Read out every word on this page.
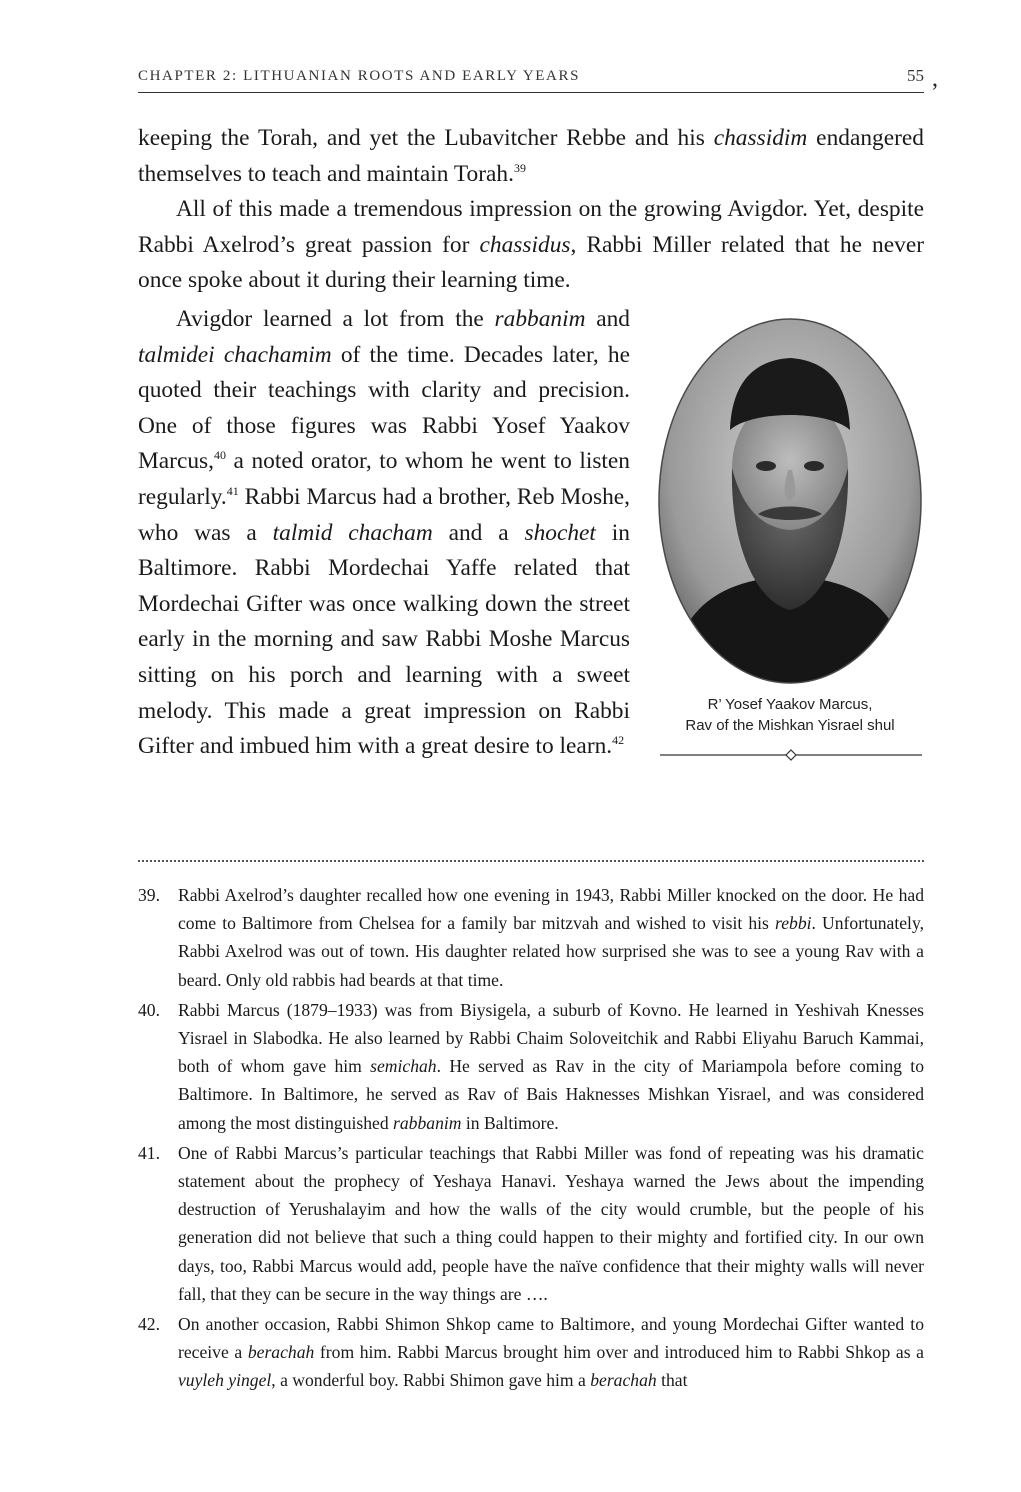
CHAPTER 2: LITHUANIAN ROOTS AND EARLY YEARS	55 ,

keeping the Torah, and yet the Lubavitcher Rebbe and his chassidim endangered themselves to teach and maintain Torah.$^{39}$

All of this made a tremendous impression on the growing Avigdor. Yet, despite Rabbi Axelrod’s great passion for chassidus, Rabbi Miller related that he never once spoke about it during their learning time.

Avigdor learned a lot from the rabbanim and talmidei chachamim of the time. Decades later, he quoted their teachings with clarity and precision. One of those figures was Rabbi Yosef Yaakov Marcus,$^{40}$ a noted orator, to whom he went to listen regularly.$^{41}$ Rabbi Marcus had a brother, Reb Moshe, who was a talmid chacham and a shochet in Baltimore. Rabbi Mordechai Yaffe related that Mordechai Gifter was once walking down the street early in the morning and saw Rabbi Moshe Marcus sitting on his porch and learning with a sweet melody. This made a great impression on Rabbi Gifter and imbued him with a great desire to learn.$^{42}$

R’ Yosef Yaakov Marcus,
Rav of the Mishkan Yisrael shul
39.	Rabbi Axelrod’s daughter recalled how one evening in 1943, Rabbi Miller knocked on the door. He had come to Baltimore from Chelsea for a family bar mitzvah and wished to visit his rebbi. Unfortunately, Rabbi Axelrod was out of town. His daughter related how surprised she was to see a young Rav with a beard. Only old rabbis had beards at that time.
40.	Rabbi Marcus (1879–1933) was from Biysigela, a suburb of Kovno. He learned in Yeshivah Knesses Yisrael in Slabodka. He also learned by Rabbi Chaim Soloveitchik and Rabbi Eliyahu Baruch Kammai, both of whom gave him semichah. He served as Rav in the city of Mariampola before coming to Baltimore. In Baltimore, he served as Rav of Bais Haknesses Mishkan Yisrael, and was considered among the most distinguished rabbanim in Baltimore.
41.	One of Rabbi Marcus’s particular teachings that Rabbi Miller was fond of repeating was his dramatic statement about the prophecy of Yeshaya Hanavi. Yeshaya warned the Jews about the impending destruction of Yerushalayim and how the walls of the city would crumble, but the people of his generation did not believe that such a thing could happen to their mighty and fortified city. In our own days, too, Rabbi Marcus would add, people have the naïve confidence that their mighty walls will never fall, that they can be secure in the way things are ….
42.	On another occasion, Rabbi Shimon Shkop came to Baltimore, and young Mordechai Gifter wanted to receive a berachah from him. Rabbi Marcus brought him over and introduced him to Rabbi Shkop as a vuyleh yingel, a wonderful boy. Rabbi Shimon gave him a berachah that
